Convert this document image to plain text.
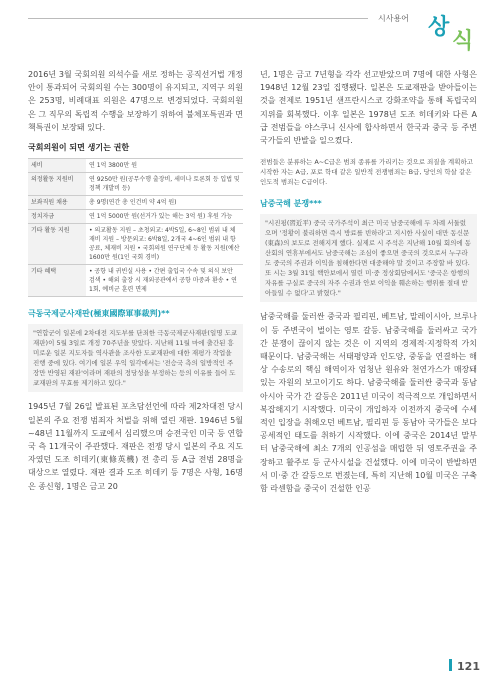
시사용어 상
식

2016년 3월 국회의원 의석수를 새로 정하는 공직선거법 개정안이 통과되어 국회의원 수는 300명이 유지되고, 지역구 의원은 253명, 비례대표 의원은 47명으로 변경되었다. 국회의원은 그 직무의 독립적 수행을 보장하기 위하여 불체포특권과 면책특권이 보장돼 있다.

국회의원이 되면 생기는 권한
세비	연 1억 3800만 원
의정활동 지원비	연 9250만 원(공무수행 출장비, 세미나 토론회 등 입법 및 정책 개발비 등)
보좌직원 채용	총 9명(연간 총 인건비 약 4억 원)
정치자금	연 1억 5000만 원(선거가 있는 해는 3억 원) 후원 가능
기타 활동 지원	• 의교활동 지원 – 초청외교: 4박5일, 6~8인 범위 내 체재비 지원 – 방문외교: 6박8일, 2개국 4~6인 범위 내 항공료, 체재비 지원 • 국회의원 연구단체 등 활동 지원(예산 1600만 원(1인 국회 경비)
기타 혜택	• 공항 내 귀빈실 사용 • 간편 출입국 수속 및 의식 보안 검색 • 해외 출장 시 재외공관에서 공항 마중과 환송 • 연1회, 예비군 훈련 면제
극동국제군사재판(極東國際軍事裁判)**
"연합군이 일본에 2차대전 지도부를 단죄한 극동국제군사재판(일명 도쿄재판)이 5월 3일로 개정 70주년을 맞았다. 지난해 11월 마에 출간된 흥미로운 일본 지도자들 역사관을 조사한 도쿄재판에 대한 재평가 작업을 진행 중에 있다. 여기에 일본 우익 일각에서는 '전승국 측의 일방적인 주장만 반영된 재판'이라며 재판의 정당성을 부정하는 등의 이유를 들어 도쿄재판의 무효를 제기하고 있다."

1945년 7월 26일 발표된 포츠담선언에 따라 제2차대전 당시 일본의 주요 전쟁 범죄자 처벌을 위해 열린 재판. 1946년 5월~48년 11월까지 도쿄에서 심리했으며 승전국인 미국 등 연합국 측 11개국이 주관했다. 재판은 전쟁 당시 일본의 주요 지도자였던 도조 히데키(東條英機) 전 총리 등 A급 전범 28명을 대상으로 열렸다. 재판 결과 도조 히데키 등 7명은 사형, 16명은 종신형, 1명은 금고 20

년, 1명은 금고 7년형을 각각 선고받았으며 7명에 대한 사형은 1948년 12월 23일 집행됐다. 일본은 도쿄재판을 받아들이는 것을 전제로 1951년 샌프란시스코 강화조약을 통해 독립국의 지위를 회복했다. 이후 일본은 1978년 도조 히데키와 다른 A급 전범들을 야스쿠니 신사에 합사하면서 한국과 중국 등 주변 국가들의 반발을 일으켰다.

전범들은 분류하는 A~C급은 범죄 종류를 가리키는 것으로 죄질을 계획하고 시작한 자는 A급, 포로 학대 같은 일반적 전쟁범죄는 B급, 당인의 학살 같은 인도적 범죄는 C급이다.
남중국해 분쟁***
"시진핑(習近平) 중국 국가주석이 최근 미국 남중국해에 두 차례 서둘렀으며 '정황이 불리하면 즉시 방료를 빈하라'고 지시한 사실이 대만 동신문(東森)의 보도로 전해지게 했다. 실제로 시 주석은 지난해 10월 회의에 동산회의 연휴부에서도 남중국해는 조심이 좋으면 중국의 것으로서 누구라도 중국의 주권과 이익을 침해한다면 대중해야 말 것이고 주장할 바 있다. 또 시는 3월 31일 핵안보에서 열린 미·중 정상회담에서도 '중국은 항행의 자유를 구실로 중국의 자주 수권과 안보 이익을 훼손하는 행위를 절대 받아들일 수 없다'고 밝혔다."

남중국해를 둘러싼 중국과 필리핀, 베트남, 말레이시아, 브루나이 등 주변국이 벌이는 영토 갈등. 남중국해를 둘러싸고 국가 간 분쟁이 끊이지 않는 것은 이 지역의 경제적·지정학적 가치 때문이다. 남중국해는 서태평양과 인도양, 중동을 연결하는 해상 수송로의 핵심 해역이자 엄청난 원유와 천연가스가 매장돼 있는 자원의 보고이기도 하다. 남중국해를 둘러싼 중국과 동남아시아 국가 간 갈등은 2011년 미국이 적극적으로 개입하면서 복잡해지기 시작했다. 미국이 개입하자 이전까지 중국에 수세적인 입장을 취해오던 베트남, 필리핀 등 동남아 국가들은 보다 공세적인 태도를 취하기 시작했다. 이에 중국은 2014년 말부터 남중국해에 최소 7개의 인공섬을 매립한 뒤 영토주권을 주장하고 활주로 등 군사시설을 건설했다. 이에 미국이 반발하면서 미·중 간 갈등으로 번졌는데, 특히 지난해 10월 미국은 구축함 라센함을 중국이 건설한 인공

121
